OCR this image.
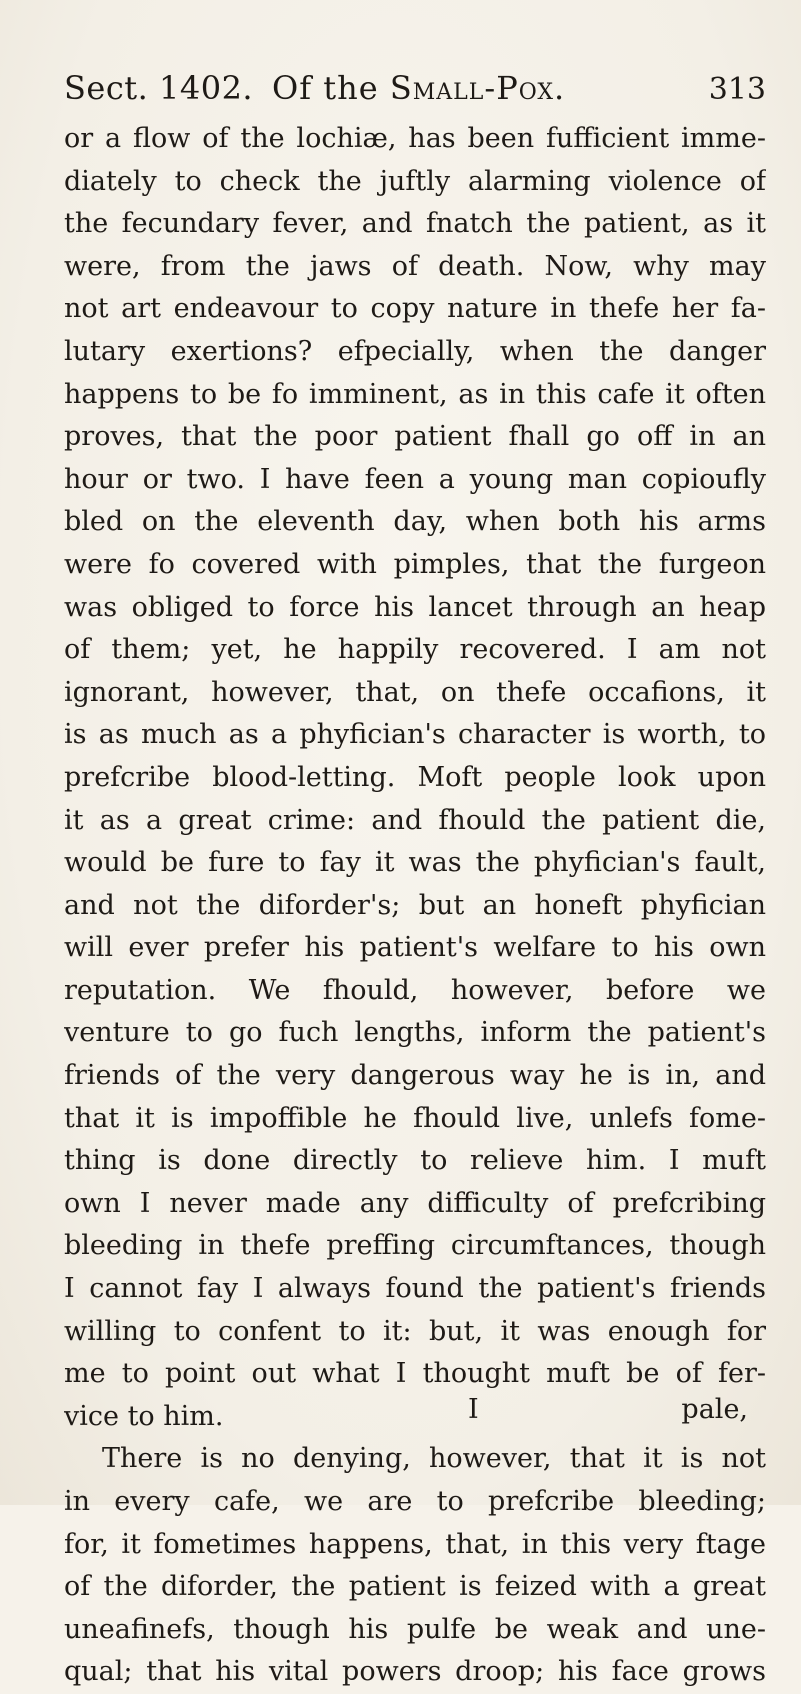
Sect. 1402. Of the Small-Pox.	313
or a flow of the lochiæ, has been fufficient imme-
diately to check the juftly alarming violence of
the fecundary fever, and fnatch the patient, as it
were, from the jaws of death. Now, why may
not art endeavour to copy nature in thefe her fa-
lutary exertions? efpecially, when the danger
happens to be fo imminent, as in this cafe it often
proves, that the poor patient fhall go off in an
hour or two. I have feen a young man copioufly
bled on the eleventh day, when both his arms
were fo covered with pimples, that the furgeon
was obliged to force his lancet through an heap
of them; yet, he happily recovered. I am not
ignorant, however, that, on thefe occafions, it
is as much as a phyfician's character is worth, to
prefcribe blood-letting. Moft people look upon
it as a great crime: and fhould the patient die,
would be fure to fay it was the phyfician's fault,
and not the diforder's; but an honeft phyfician
will ever prefer his patient's welfare to his own
reputation. We fhould, however, before we
venture to go fuch lengths, inform the patient's
friends of the very dangerous way he is in, and
that it is impoffible he fhould live, unlefs fome-
thing is done directly to relieve him. I muft
own I never made any difficulty of prefcribing
bleeding in thefe preffing circumftances, though
I cannot fay I always found the patient's friends
willing to confent to it: but, it was enough for
me to point out what I thought muft be of fer-
vice to him.
There is no denying, however, that it is not
in every cafe, we are to prefcribe bleeding;
for, it fometimes happens, that, in this very ftage
of the diforder, the patient is feized with a great
uneafinefs, though his pulfe be weak and une-
qual; that his vital powers droop; his face grows
I	pale,
